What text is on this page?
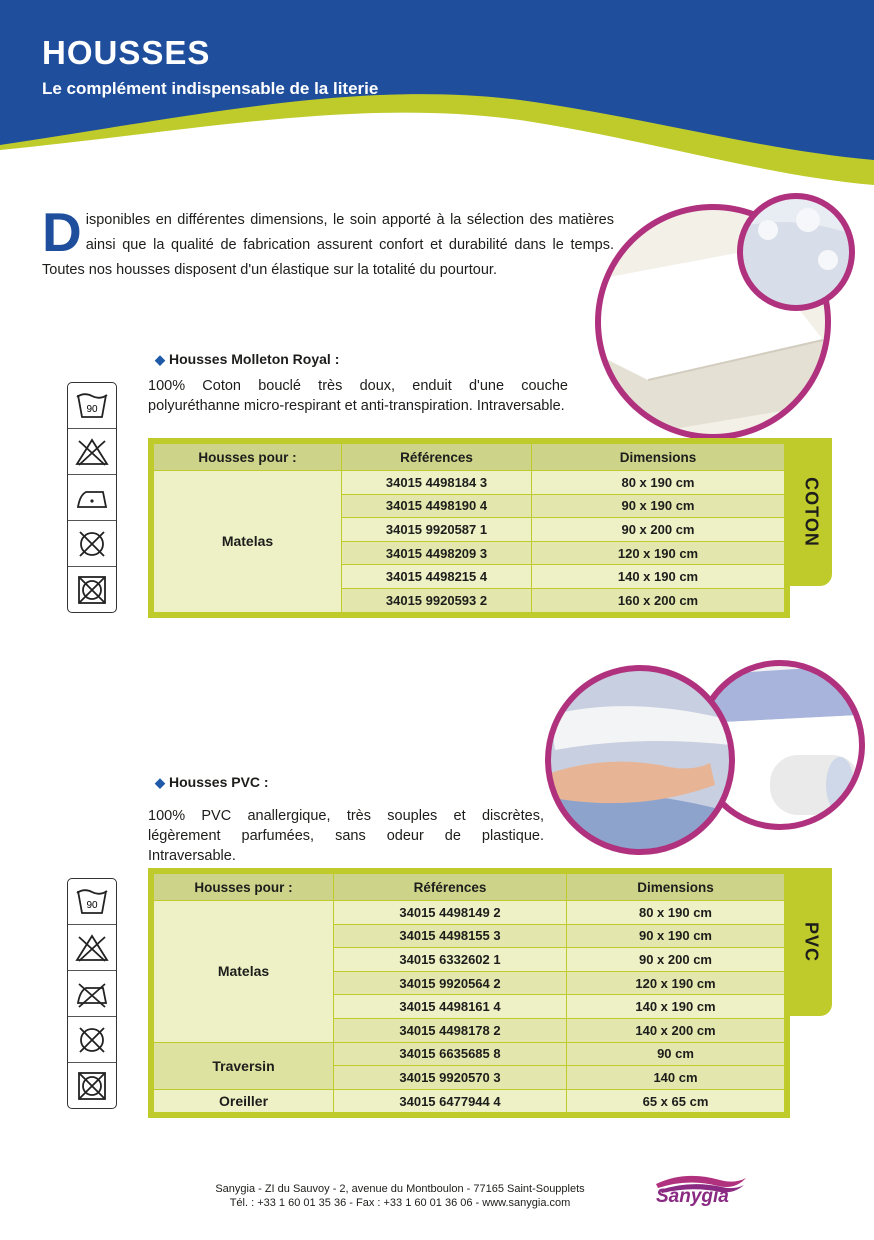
HOUSSES

Le complément indispensable de la literie

Disponibles en différentes dimensions, le soin apporté à la sélection des matières ainsi que la qualité de fabrication assurent confort et durabilité dans le temps. Toutes nos housses disposent d'un élastique sur la totalité du pourtour.

◆ Housses Molleton Royal :

100% Coton bouclé très doux, enduit d'une couche polyuréthanne micro-respirant et anti-transpiration. Intraversable.

90
COTON
Housses pour :	Références	Dimensions
Matelas	34015 4498184 3	80 x 190 cm
	34015 4498190 4	90 x 190 cm
	34015 9920587 1	90 x 200 cm
	34015 4498209 3	120 x 190 cm
	34015 4498215 4	140 x 190 cm
	34015 9920593 2	160 x 200 cm

◆ Housses PVC :

100% PVC anallergique, très souples et discrètes, légèrement parfumées, sans odeur de plastique. Intraversable.

90
PVC
Housses pour :	Références	Dimensions
Matelas	34015 4498149 2	80 x 190 cm
	34015 4498155 3	90 x 190 cm
	34015 6332602 1	90 x 200 cm
	34015 9920564 2	120 x 190 cm
	34015 4498161 4	140 x 190 cm
	34015 4498178 2	140 x 200 cm
Traversin	34015 6635685 8	90 cm
	34015 9920570 3	140 cm
Oreiller	34015 6477944 4	65 x 65 cm

Sanygia - ZI du Sauvoy - 2, avenue du Montboulon - 77165 Saint-Soupplets
Tél. : +33 1 60 01 35 36 - Fax : +33 1 60 01 36 06 - www.sanygia.com	Sanygia
